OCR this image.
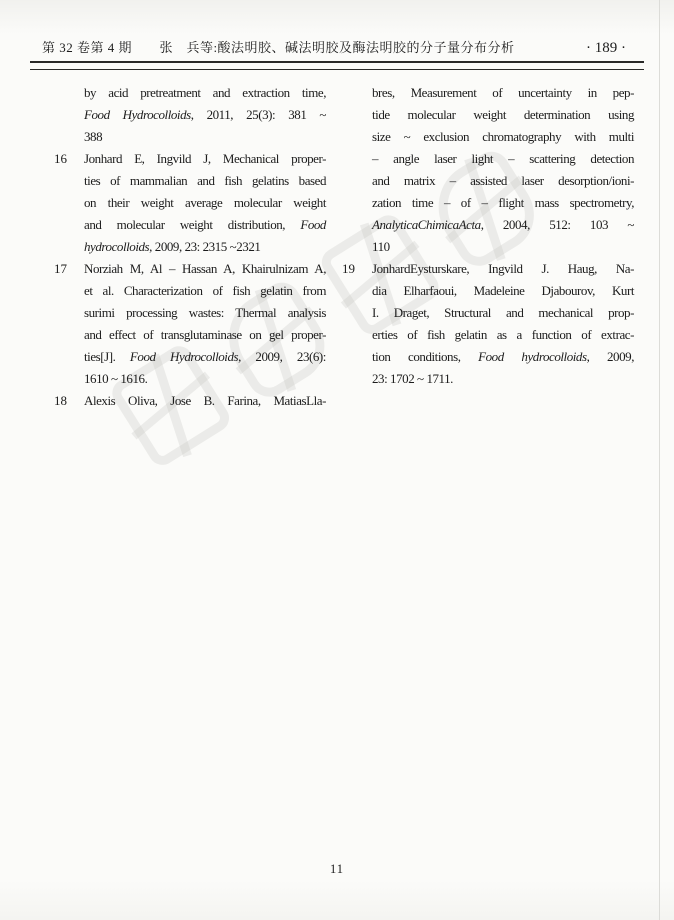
第 32 卷第 4 期	张　兵等:酸法明胶、碱法明胶及酶法明胶的分子量分布分析	· 189 ·
by acid pretreatment and extraction time,
Food Hydrocolloids, 2011, 25(3): 381 ~
388
16	Jonhard E, Ingvild J, Mechanical proper-
ties of mammalian and fish gelatins based
on their weight average molecular weight
and molecular weight distribution, Food
hydrocolloids, 2009, 23: 2315 ~2321
17	Norziah M, Al – Hassan A, Khairulnizam A,
et al. Characterization of fish gelatin from
surimi processing wastes: Thermal analysis
and effect of transglutaminase on gel proper-
ties[J]. Food Hydrocolloids, 2009, 23(6):
1610 ~ 1616.
18	Alexis Oliva, Jose B. Farina, MatiasLla-
bres, Measurement of uncertainty in pep-
tide molecular weight determination using
size ~ exclusion chromatography with multi
– angle laser light – scattering detection
and matrix – assisted laser desorption/ioni-
zation time – of – flight mass spectrometry,
AnalyticaChimicaActa, 2004, 512: 103 ~
110
19	JonhardEysturskare, Ingvild J. Haug, Na-
dia Elharfaoui, Madeleine Djabourov, Kurt
I. Draget, Structural and mechanical prop-
erties of fish gelatin as a function of extrac-
tion conditions, Food hydrocolloids, 2009,
23: 1702 ~ 1711.
11
